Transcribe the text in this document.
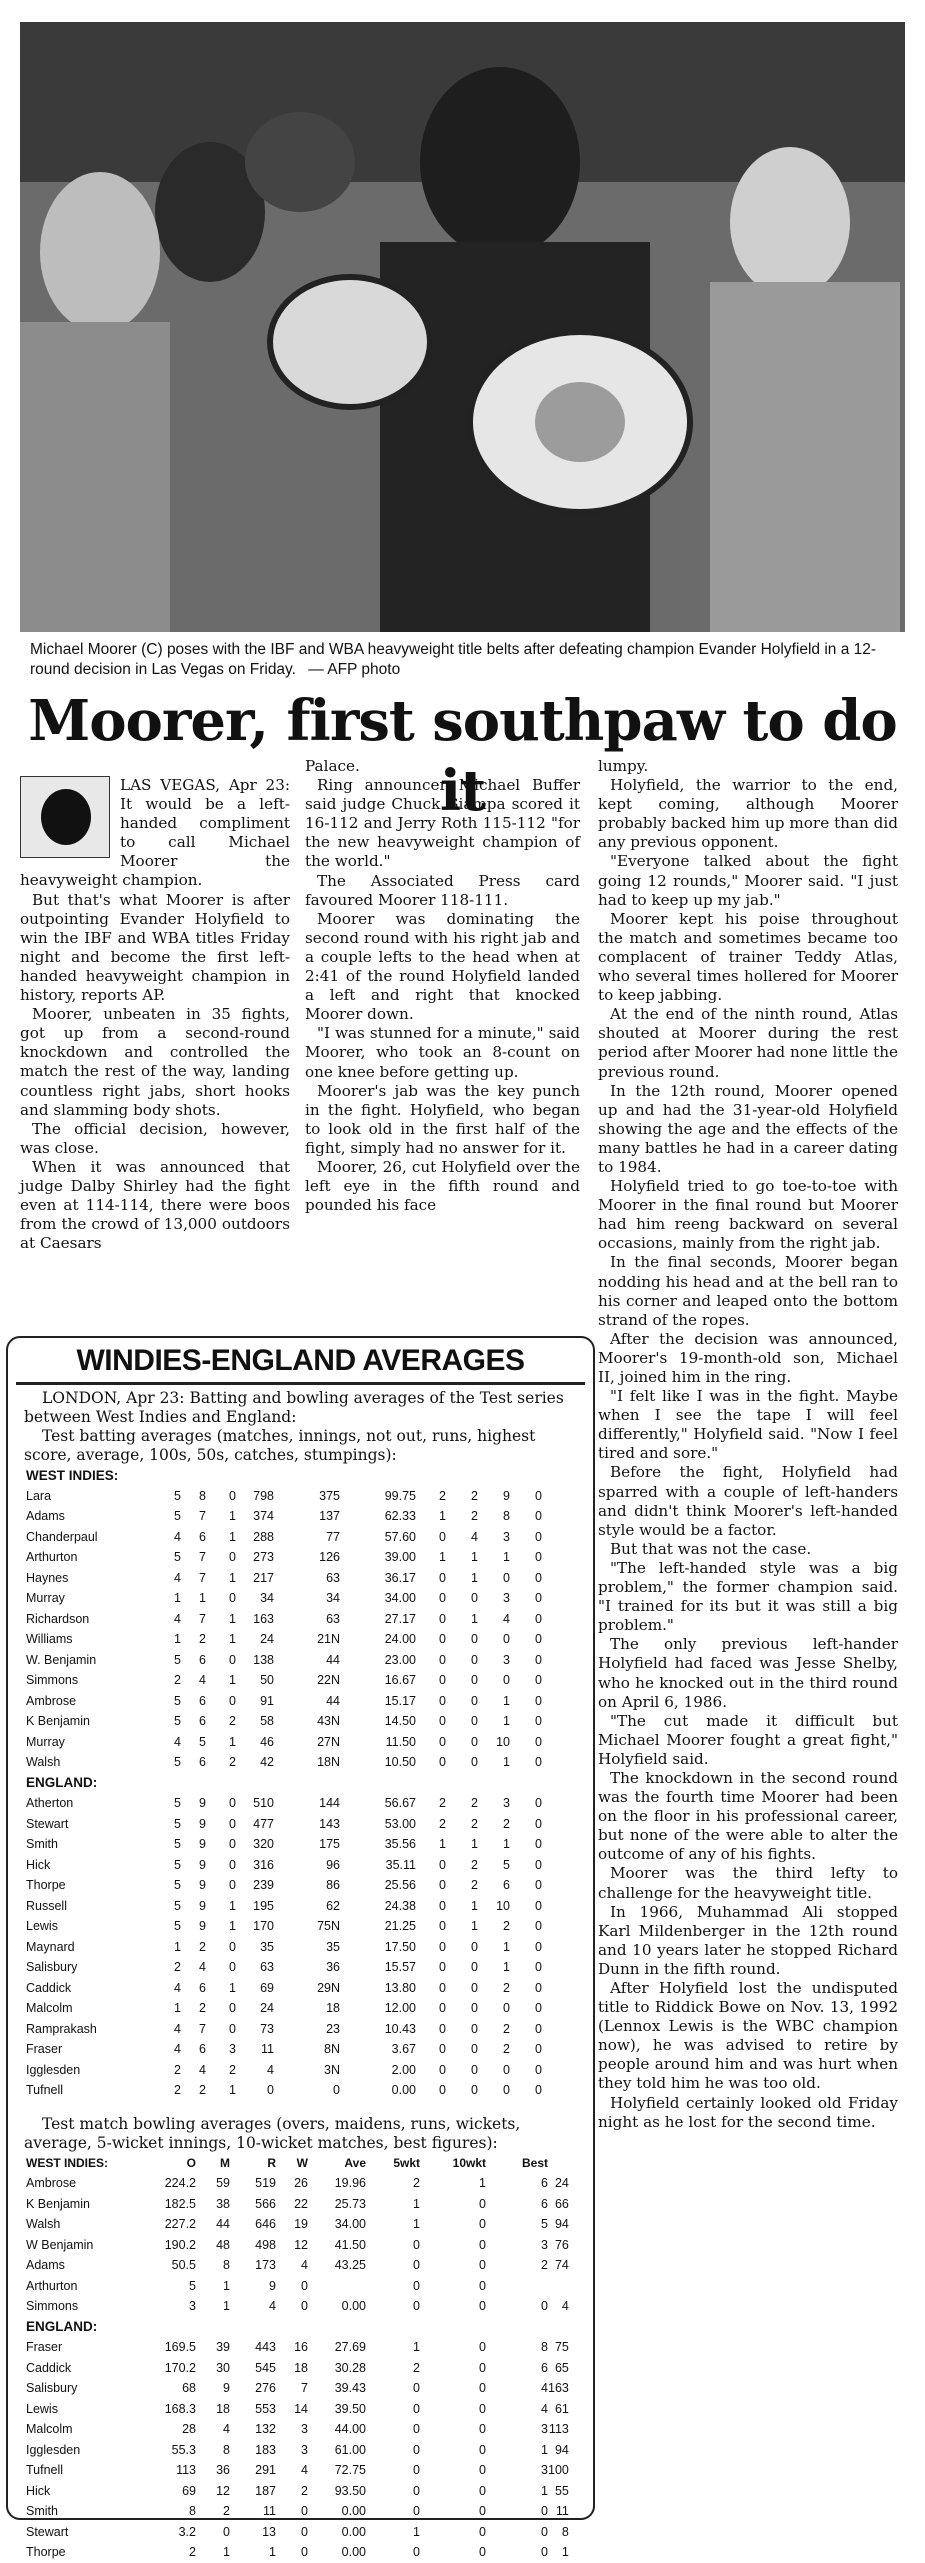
Michael Moorer (C) poses with the IBF and WBA heavyweight title belts after defeating champion Evander Holyfield in a 12-round decision in Las Vegas on Friday. — AFP photo
Moorer, first southpaw to do it

LAS VEGAS, Apr 23: It would be a left-handed compliment to call Michael Moorer the heavyweight champion.

But that's what Moorer is after outpointing Evander Holyfield to win the IBF and WBA titles Friday night and become the first left-handed heavyweight champion in history, reports AP.

Moorer, unbeaten in 35 fights, got up from a second-round knockdown and controlled the match the rest of the way, landing countless right jabs, short hooks and slamming body shots.

The official decision, however, was close.

When it was announced that judge Dalby Shirley had the fight even at 114-114, there were boos from the crowd of 13,000 outdoors at Caesars

Palace.

Ring announcer Michael Buffer said judge Chuck Giampa scored it 16-112 and Jerry Roth 115-112 "for the new heavyweight champion of the world."

The Associated Press card favoured Moorer 118-111.

Moorer was dominating the second round with his right jab and a couple lefts to the head when at 2:41 of the round Holyfield landed a left and right that knocked Moorer down.

"I was stunned for a minute," said Moorer, who took an 8-count on one knee before getting up.

Moorer's jab was the key punch in the fight. Holyfield, who began to look old in the first half of the fight, simply had no answer for it.

Moorer, 26, cut Holyfield over the left eye in the fifth round and pounded his face

lumpy.

Holyfield, the warrior to the end, kept coming, although Moorer probably backed him up more than did any previous opponent.

"Everyone talked about the fight going 12 rounds," Moorer said. "I just had to keep up my jab."

Moorer kept his poise throughout the match and sometimes became too complacent of trainer Teddy Atlas, who several times hollered for Moorer to keep jabbing.

At the end of the ninth round, Atlas shouted at Moorer during the rest period after Moorer had none little the previous round.

In the 12th round, Moorer opened up and had the 31-year-old Holyfield showing the age and the effects of the many battles he had in a career dating to 1984.

Holyfield tried to go toe-to-toe with Moorer in the final round but Moorer had him reeng backward on several occasions, mainly from the right jab.

In the final seconds, Moorer began nodding his head and at the bell ran to his corner and leaped onto the bottom strand of the ropes.

After the decision was announced, Moorer's 19-month-old son, Michael II, joined him in the ring.

"I felt like I was in the fight. Maybe when I see the tape I will feel differently," Holyfield said. "Now I feel tired and sore."

Before the fight, Holyfield had sparred with a couple of left-handers and didn't think Moorer's left-handed style would be a factor.

But that was not the case.

"The left-handed style was a big problem," the former champion said. "I trained for its but it was still a big problem."

The only previous left-hander Holyfield had faced was Jesse Shelby, who he knocked out in the third round on April 6, 1986.

"The cut made it difficult but Michael Moorer fought a great fight," Holyfield said.

The knockdown in the second round was the fourth time Moorer had been on the floor in his professional career, but none of the were able to alter the outcome of any of his fights.

Moorer was the third lefty to challenge for the heavyweight title.

In 1966, Muhammad Ali stopped Karl Mildenberger in the 12th round and 10 years later he stopped Richard Dunn in the fifth round.

After Holyfield lost the undisputed title to Riddick Bowe on Nov. 13, 1992 (Lennox Lewis is the WBC champion now), he was advised to retire by people around him and was hurt when they told him he was too old.

Holyfield certainly looked old Friday night as he lost for the second time.

WINDIES-ENGLAND AVERAGES
LONDON, Apr 23: Batting and bowling averages of the Test series between West Indies and England:
Test batting averages (matches, innings, not out, runs, highest score, average, 100s, 50s, catches, stumpings):
WEST INDIES:										
Lara	5	8	0	798	375	99.75	2	2	9	0
Adams	5	7	1	374	137	62.33	1	2	8	0
Chanderpaul	4	6	1	288	77	57.60	0	4	3	0
Arthurton	5	7	0	273	126	39.00	1	1	1	0
Haynes	4	7	1	217	63	36.17	0	1	0	0
Murray	1	1	0	34	34	34.00	0	0	3	0
Richardson	4	7	1	163	63	27.17	0	1	4	0
Williams	1	2	1	24	21N	24.00	0	0	0	0
W. Benjamin	5	6	0	138	44	23.00	0	0	3	0
Simmons	2	4	1	50	22N	16.67	0	0	0	0
Ambrose	5	6	0	91	44	15.17	0	0	1	0
K Benjamin	5	6	2	58	43N	14.50	0	0	1	0
Murray	4	5	1	46	27N	11.50	0	0	10	0
Walsh	5	6	2	42	18N	10.50	0	0	1	0
ENGLAND:										
Atherton	5	9	0	510	144	56.67	2	2	3	0
Stewart	5	9	0	477	143	53.00	2	2	2	0
Smith	5	9	0	320	175	35.56	1	1	1	0
Hick	5	9	0	316	96	35.11	0	2	5	0
Thorpe	5	9	0	239	86	25.56	0	2	6	0
Russell	5	9	1	195	62	24.38	0	1	10	0
Lewis	5	9	1	170	75N	21.25	0	1	2	0
Maynard	1	2	0	35	35	17.50	0	0	1	0
Salisbury	2	4	0	63	36	15.57	0	0	1	0
Caddick	4	6	1	69	29N	13.80	0	0	2	0
Malcolm	1	2	0	24	18	12.00	0	0	0	0
Ramprakash	4	7	0	73	23	10.43	0	0	2	0
Fraser	4	6	3	11	8N	3.67	0	0	2	0
Igglesden	2	4	2	4	3N	2.00	0	0	0	0
Tufnell	2	2	1	0	0	0.00	0	0	0	0
Test match bowling averages (overs, maidens, runs, wickets, average, 5-wicket innings, 10-wicket matches, best figures):
WEST INDIES:	O	M	R	W	Ave	5wkt	10wkt	Best	
Ambrose	224.2	59	519	26	19.96	2	1	6	24
K Benjamin	182.5	38	566	22	25.73	1	0	6	66
Walsh	227.2	44	646	19	34.00	1	0	5	94
W Benjamin	190.2	48	498	12	41.50	0	0	3	76
Adams	50.5	8	173	4	43.25	0	0	2	74
Arthurton	5	1	9	0		0	0		
Simmons	3	1	4	0	0.00	0	0	0	4
ENGLAND:									
Fraser	169.5	39	443	16	27.69	1	0	8	75
Caddick	170.2	30	545	18	30.28	2	0	6	65
Salisbury	68	9	276	7	39.43	0	0	4	163
Lewis	168.3	18	553	14	39.50	0	0	4	61
Malcolm	28	4	132	3	44.00	0	0	3	113
Igglesden	55.3	8	183	3	61.00	0	0	1	94
Tufnell	113	36	291	4	72.75	0	0	3	100
Hick	69	12	187	2	93.50	0	0	1	55
Smith	8	2	11	0	0.00	0	0	0	11
Stewart	3.2	0	13	0	0.00	1	0	0	8
Thorpe	2	1	1	0	0.00	0	0	0	1
